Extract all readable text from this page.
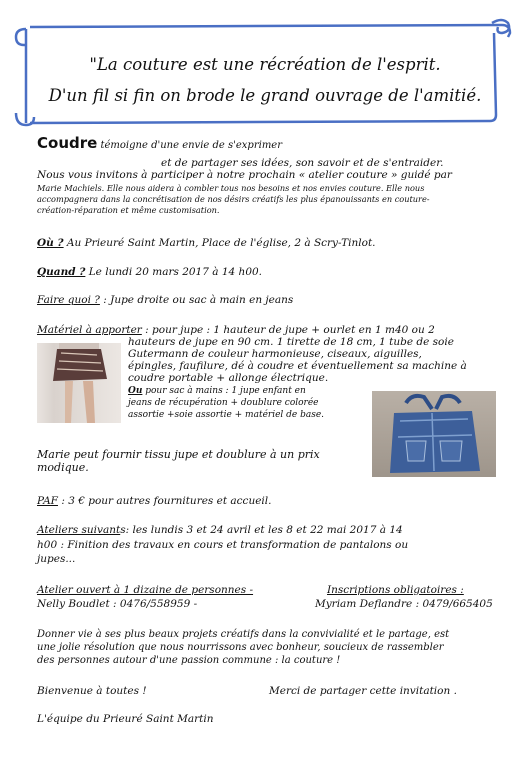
"La couture est une récréation de l'esprit.
D'un fil si fin on brode le grand ouvrage de l'amitié.
Coudre témoigne d'une envie de s'exprimer
et de partager ses idées, son savoir et de s'entraider.
Nous vous invitons à participer à notre prochain « atelier couture » guidé par
Marie Machiels. Elle nous aidera à combler tous nos besoins et nos envies couture. Elle nous
accompagnera dans la concrétisation de nos désirs créatifs les plus épanouissants en couture-
création-réparation et même customisation.
Où ? Au Prieuré Saint Martin, Place de l'église, 2 à Scry-Tinlot.
Quand ? Le lundi 20 mars 2017 à 14 h00.
Faire quoi ? : Jupe droite ou sac à main en jeans
Matériel à apporter : pour jupe : 1 hauteur de jupe + ourlet en 1 m40 ou 2
hauteurs de jupe en 90 cm. 1 tirette de 18 cm, 1 tube de soie
Gutermann de couleur harmonieuse, ciseaux, aiguilles,
épingles, faufilure, dé à coudre et éventuellement sa machine à
coudre portable + allonge électrique.
Ou pour sac à mains : 1 jupe enfant en
jeans de récupération + doublure colorée
assortie +soie assortie + matériel de base.
Marie peut fournir tissu jupe et doublure à un prix
modique.
PAF : 3 € pour autres fournitures et accueil.
Ateliers suivants: les lundis 3 et 24 avril et les 8 et 22 mai 2017 à 14
h00 : Finition des travaux en cours et transformation de pantalons ou
jupes...
Atelier ouvert à 1 dizaine de personnes -	Inscriptions obligatoires :
Nelly Boudlet : 0476/558959 -	Myriam Deflandre : 0479/665405
Donner vie à ses plus beaux projets créatifs dans la convivialité et le partage, est
une jolie résolution que nous nourrissons avec bonheur, soucieux de rassembler
des personnes autour d'une passion commune : la couture !
Bienvenue à toutes !	Merci de partager cette invitation .
L'équipe du Prieuré Saint Martin
